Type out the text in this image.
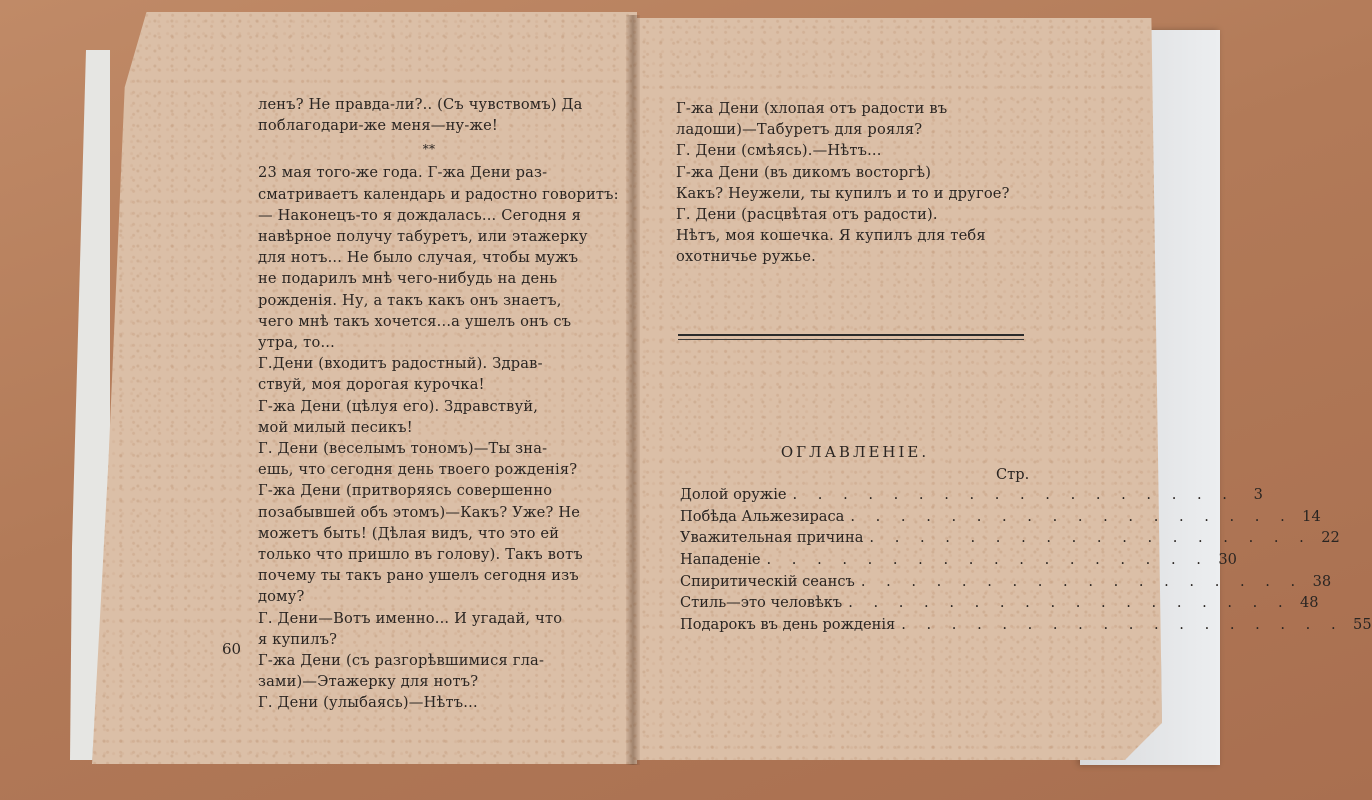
ленъ? Не правда-ли?.. (Съ чувствомъ) Да

поблагодари-же меня—ну-же!

**

23 мая того-же года. Г-жа Дени раз-

сматриваетъ календарь и радостно говоритъ:

— Наконецъ-то я дождалась... Сегодня я

навѣрное получу табуретъ, или этажерку

для нотъ... Не было случая, чтобы мужъ

не подарилъ мнѣ чего-нибудь на день

рожденія. Ну, а такъ какъ онъ знаетъ,

чего мнѣ такъ хочется...а ушелъ онъ съ

утра, то...

Г.Дени (входитъ радостный). Здрав-

ствуй, моя дорогая курочка!

Г-жа Дени (цѣлуя его). Здравствуй,

мой милый песикъ!

Г. Дени (веселымъ тономъ)—Ты зна-

ешь, что сегодня день твоего рожденія?

Г-жа Дени (притворяясь совершенно

позабывшей объ этомъ)—Какъ? Уже? Не

можетъ быть! (Дѣлая видъ, что это ей

только что пришло въ голову). Такъ вотъ

почему ты такъ рано ушелъ сегодня изъ

дому?

Г. Дени—Вотъ именно... И угадай, что

я купилъ?

Г-жа Дени (съ разгорѣвшимися гла-

зами)—Этажерку для нотъ?

Г. Дени (улыбаясь)—Нѣтъ...

60

Г-жа Дени (хлопая отъ радости въ

ладоши)—Табуретъ для рояля?

Г. Дени (смѣясь).—Нѣтъ...

Г-жа Дени (въ дикомъ восторгѣ)

Какъ? Неужели, ты купилъ и то и другое?

Г. Дени (расцвѣтая отъ радости).

Нѣтъ, моя кошечка. Я купилъ для тебя

охотничье ружье.

ОГЛАВЛЕНІЕ.
Стр.
Долой оружіе . . . . . . . . . . . . . . . . . .	3
Побѣда Альжезираса . . . . . . . . . . . . . . . . . . 14
Уважительная причина . . . . . . . . . . . . . . . . . . 22
Нападеніе . . . . . . . . . . . . . . . . . . 30
Спиритическій сеансъ . . . . . . . . . . . . . . . . . . 38
Стиль—это человѣкъ . . . . . . . . . . . . . . . . . . 48
Подарокъ въ день рожденія . . . . . . . . . . . . . . . . . . 55
